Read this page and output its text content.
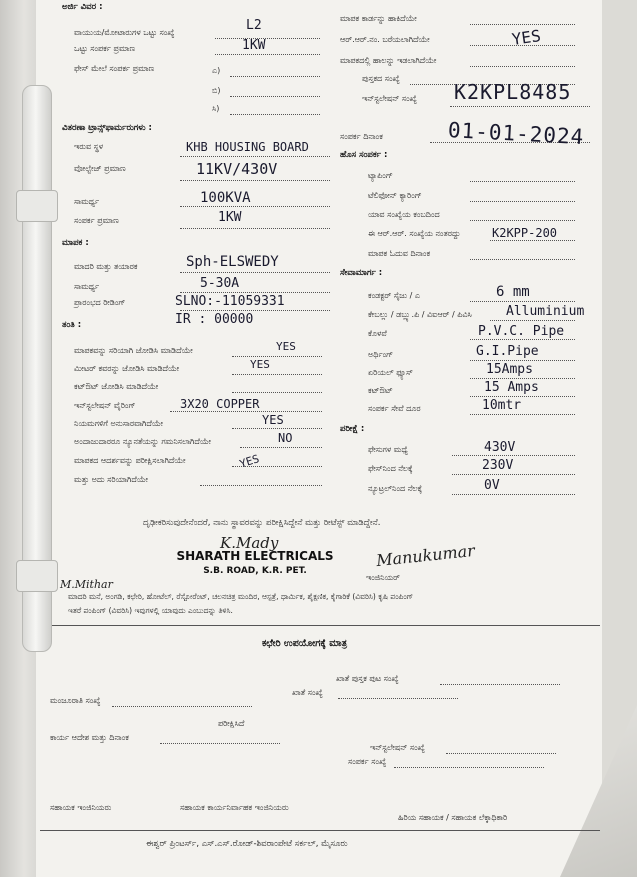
ಅರ್ಜಿ ವಿವರ :
ವಾಯುಯ/ಮೋಟಾರುಗಳ ಒಟ್ಟು ಸಂಖ್ಯೆ	L2
ಒಟ್ಟು ಸಂಪರ್ಕ ಪ್ರಮಾಣ	1KW
ಫೇಸ್ ಮೇಲೆ ಸಂಪರ್ಕ ಪ್ರಮಾಣ	ಎ)
ಬಿ)
ಸಿ)
ವಿತರಣಾ ಟ್ರಾನ್ಸ್‌ಫಾರ್ಮರುಗಳು :
ಇರುವ ಸ್ಥಳ	KHB HOUSING BOARD
ವೋಲ್ಟೇಜ್ ಪ್ರಮಾಣ	11KV/430V
ಸಾಮರ್ಥ್ಯ	100KVA
ಸಂಪರ್ಕ ಪ್ರಮಾಣ	1KW
ಮಾಪಕ :
ಮಾದರಿ ಮತ್ತು ತಯಾರಕ	Sph-ELSWEDY
ಸಾಮರ್ಥ್ಯ	5-30A
ಪ್ರಾರಂಭದ ರೀಡಿಂಗ್	SLNO:-11059331
IR : 00000
ತಂತಿ :
ಮಾಪಕವನ್ನು ಸರಿಯಾಗಿ ಜೋಡಿಸಿ ಮಾಡಿದೆಯೇ	YES
ಮೀಟರ್ ಕವರನ್ನು ಜೋಡಿಸಿ ಮಾಡಿದೆಯೇ	YES
ಕಟ್‌ಔಟ್ ಜೋಡಿಸಿ ಮಾಡಿದೆಯೇ
ಇನ್‌ಸ್ಟಲೇಷನ್ ವೈರಿಂಗ್	3X20 COPPER
ನಿಯಮಗಳಿಗೆ ಅನುಸಾರವಾಗಿದೆಯೇ	YES
ಅಂದಾಜುದಾರರೂ ನ್ಯೂನತೆಯನ್ನು ಗಮನಿಸಲಾಗಿದೆಯೇ	NO
ಮಾಪಕದ ಆದರ್ಶವನ್ನು ಪರೀಕ್ಷಿಸಲಾಗಿದೆಯೇ	YES
ಮತ್ತು ಅದು ಸರಿಯಾಗಿದೆಯೇ
ಮಾಪಕ ಕಾರ್ಡನ್ನು ಹಾಕಿದೆಯೇ
ಆರ್.ಆರ್.ನಂ. ಬರೆಯಲಾಗಿದೆಯೇ	YES
ಮಾಪಕದಲ್ಲಿ ಹಾಲನ್ನು ಇಡಲಾಗಿದೆಯೇ
ಪುಸ್ತಕದ ಸಂಖ್ಯೆ
ಇನ್‌ಸ್ಟಲೇಷನ್ ಸಂಖ್ಯೆ K2KPL8485
ಸಂಪರ್ಕ ದಿನಾಂಕ	01-01-2024
ಹೊಸ ಸಂಪರ್ಕ :
ಟ್ಯಾಪಿಂಗ್
ಟೆಲಿಫೋನ್ ಕ್ಯಾರಿಂಗ್
ಯಾವ ಸಂಖ್ಯೆಯ ಕಂಬದಿಂದ
ಈ ಆರ್.ಆರ್. ಸಂಖ್ಯೆಯ ನಂತರದ್ದು	K2KPP-200
ಮಾಪಕ ಓದುವ ದಿನಾಂಕ
ಸೇವಾಮಾರ್ಗ :
ಕಂಡಕ್ಟರ್ ಸೈಜು / ಎ	6 mm
ಕೇಬಲ್ಲು / ಡಬ್ಲ್ಯು.ಪಿ / ವಿಐಆರ್ / ಪಿವಿಸಿ	Alluminium
ಕೊಳವೆ	P.V.C. Pipe
ಅರ್ಥಿಂಗ್	G.I.Pipe
ಏರಿಯಲ್ ಫ್ಯೂಸ್	15Amps
ಕಟ್‌ಔಟ್	15 Amps
ಸಂಪರ್ಕ ಸೇವೆ ದೂರ	10mtr
ಪರೀಕ್ಷೆ :
ಫೇಸುಗಳ ಮಧ್ಯೆ	430V
ಫೇಸ್‌ನಿಂದ ನೆಲಕ್ಕೆ	230V
ನ್ಯೂಟ್ರಲ್‌ನಿಂದ ನೆಲಕ್ಕೆ	0V
ದೃಢೀಕರಿಸುವುದೇನೆಂದರೆ, ನಾನು ಸ್ಥಾವರವನ್ನು ಪರೀಕ್ಷಿಸಿದ್ದೇನೆ ಮತ್ತು ರೀಟೆಸ್ಟ್ ಮಾಡಿದ್ದೇನೆ.
K.Mady
SHARATH ELECTRICALS
S.B. ROAD, K.R. PET.
Manukumar
ಇಂಜಿನಿಯರ್
M.Mithar
ಮಾದರಿ ಮನೆ, ಅಂಗಡಿ, ಕಛೇರಿ, ಹೋಟೆಲ್, ರೆಸ್ಟೋರೆಂಟ್, ಚಲನಚಿತ್ರ ಮಂದಿರ, ಆಸ್ಪತ್ರೆ, ಧಾರ್ಮಿಕ, ಶೈಕ್ಷಣಿಕ, ಕೈಗಾರಿಕೆ (ವಿವರಿಸಿ) ಕೃಷಿ ಪಂಪಿಂಗ್
ಇತರೆ ಪಂಪಿಂಗ್ (ವಿವರಿಸಿ) ಇವುಗಳಲ್ಲಿ ಯಾವುದು ಎಂಬುದನ್ನು ತಿಳಿಸಿ.
ಕಛೇರಿ ಉಪಯೋಗಕ್ಕೆ ಮಾತ್ರ
ಖಾತೆ ಪುಸ್ತಕ ಪುಟ ಸಂಖ್ಯೆ
ಖಾತೆ ಸಂಖ್ಯೆ
ಮಂಜೂರಾತಿ ಸಂಖ್ಯೆ
ಪರೀಕ್ಷಿಸಿದೆ
ಕಾರ್ಯ ಆದೇಶ ಮತ್ತು ದಿನಾಂಕ
ಇನ್‌ಸ್ಟಲೇಷನ್ ಸಂಖ್ಯೆ
ಸಂಪರ್ಕ ಸಂಖ್ಯೆ
ಸಹಾಯಕ ಇಂಜಿನಿಯರು	ಸಹಾಯಕ ಕಾರ್ಯನಿರ್ವಾಹಕ ಇಂಜಿನಿಯರು
ಹಿರಿಯ ಸಹಾಯಕ / ಸಹಾಯಕ ಲೆಕ್ಕಾಧಿಕಾರಿ
ಈಶ್ವರ್ ಪ್ರಿಂಟರ್ಸ್, ಎಸ್.ಎಸ್.ರೋಡ್-ಶಿವರಾಂಪೇಟೆ ಸರ್ಕಲ್, ಮೈಸೂರು
